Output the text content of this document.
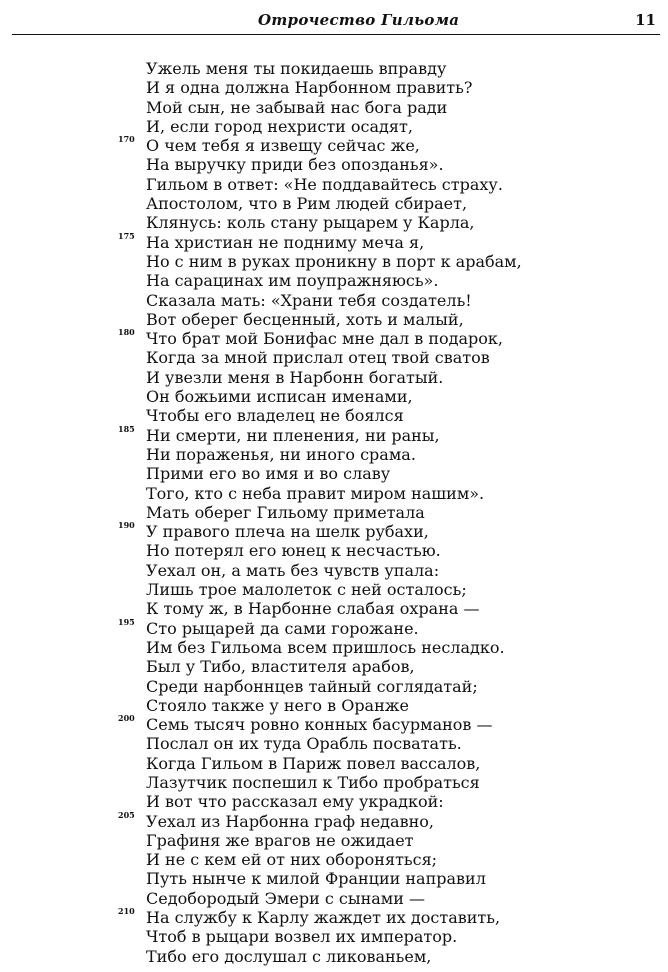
Отрочество Гильома	11
Ужель меня ты покидаешь вправду
И я одна должна Нарбонном править?
Мой сын, не забывай нас бога ради
И, если город нехристи осадят,
170 О чем тебя я извещу сейчас же,
На выручку приди без опозданья».
Гильом в ответ: «Не поддавайтесь страху.
Апостолом, что в Рим людей сбирает,
Клянусь: коль стану рыцарем у Карла,
175 На христиан не подниму меча я,
Но с ним в руках проникну в порт к арабам,
На сарацинах им поупражняюсь».
Сказала мать: «Храни тебя создатель!
Вот оберег бесценный, хоть и малый,
180 Что брат мой Бонифас мне дал в подарок,
Когда за мной прислал отец твой сватов
И увезли меня в Нарбонн богатый.
Он божьими исписан именами,
Чтобы его владелец не боялся
185 Ни смерти, ни пленения, ни раны,
Ни пораженья, ни иного срама.
Прими его во имя и во славу
Того, кто с неба правит миром нашим».
Мать оберег Гильому приметала
190 У правого плеча на шелк рубахи,
Но потерял его юнец к несчастью.
Уехал он, а мать без чувств упала:
Лишь трое малолеток с ней осталось;
К тому ж, в Нарбонне слабая охрана —
195 Сто рыцарей да сами горожане.
Им без Гильома всем пришлось несладко.
Был у Тибо, властителя арабов,
Среди нарбоннцев тайный соглядатай;
Стояло также у него в Оранже
200 Семь тысяч ровно конных басурманов —
Послал он их туда Орабль посватать.
Когда Гильом в Париж повел вассалов,
Лазутчик поспешил к Тибо пробраться
И вот что рассказал ему украдкой:
205 Уехал из Нарбонна граф недавно,
Графиня же врагов не ожидает
И не с кем ей от них обороняться;
Путь нынче к милой Франции направил
Седобородый Эмери с сынами —
210 На службу к Карлу жаждет их доставить,
Чтоб в рыцари возвел их император.
Тибо его дослушал с ликованьем,
